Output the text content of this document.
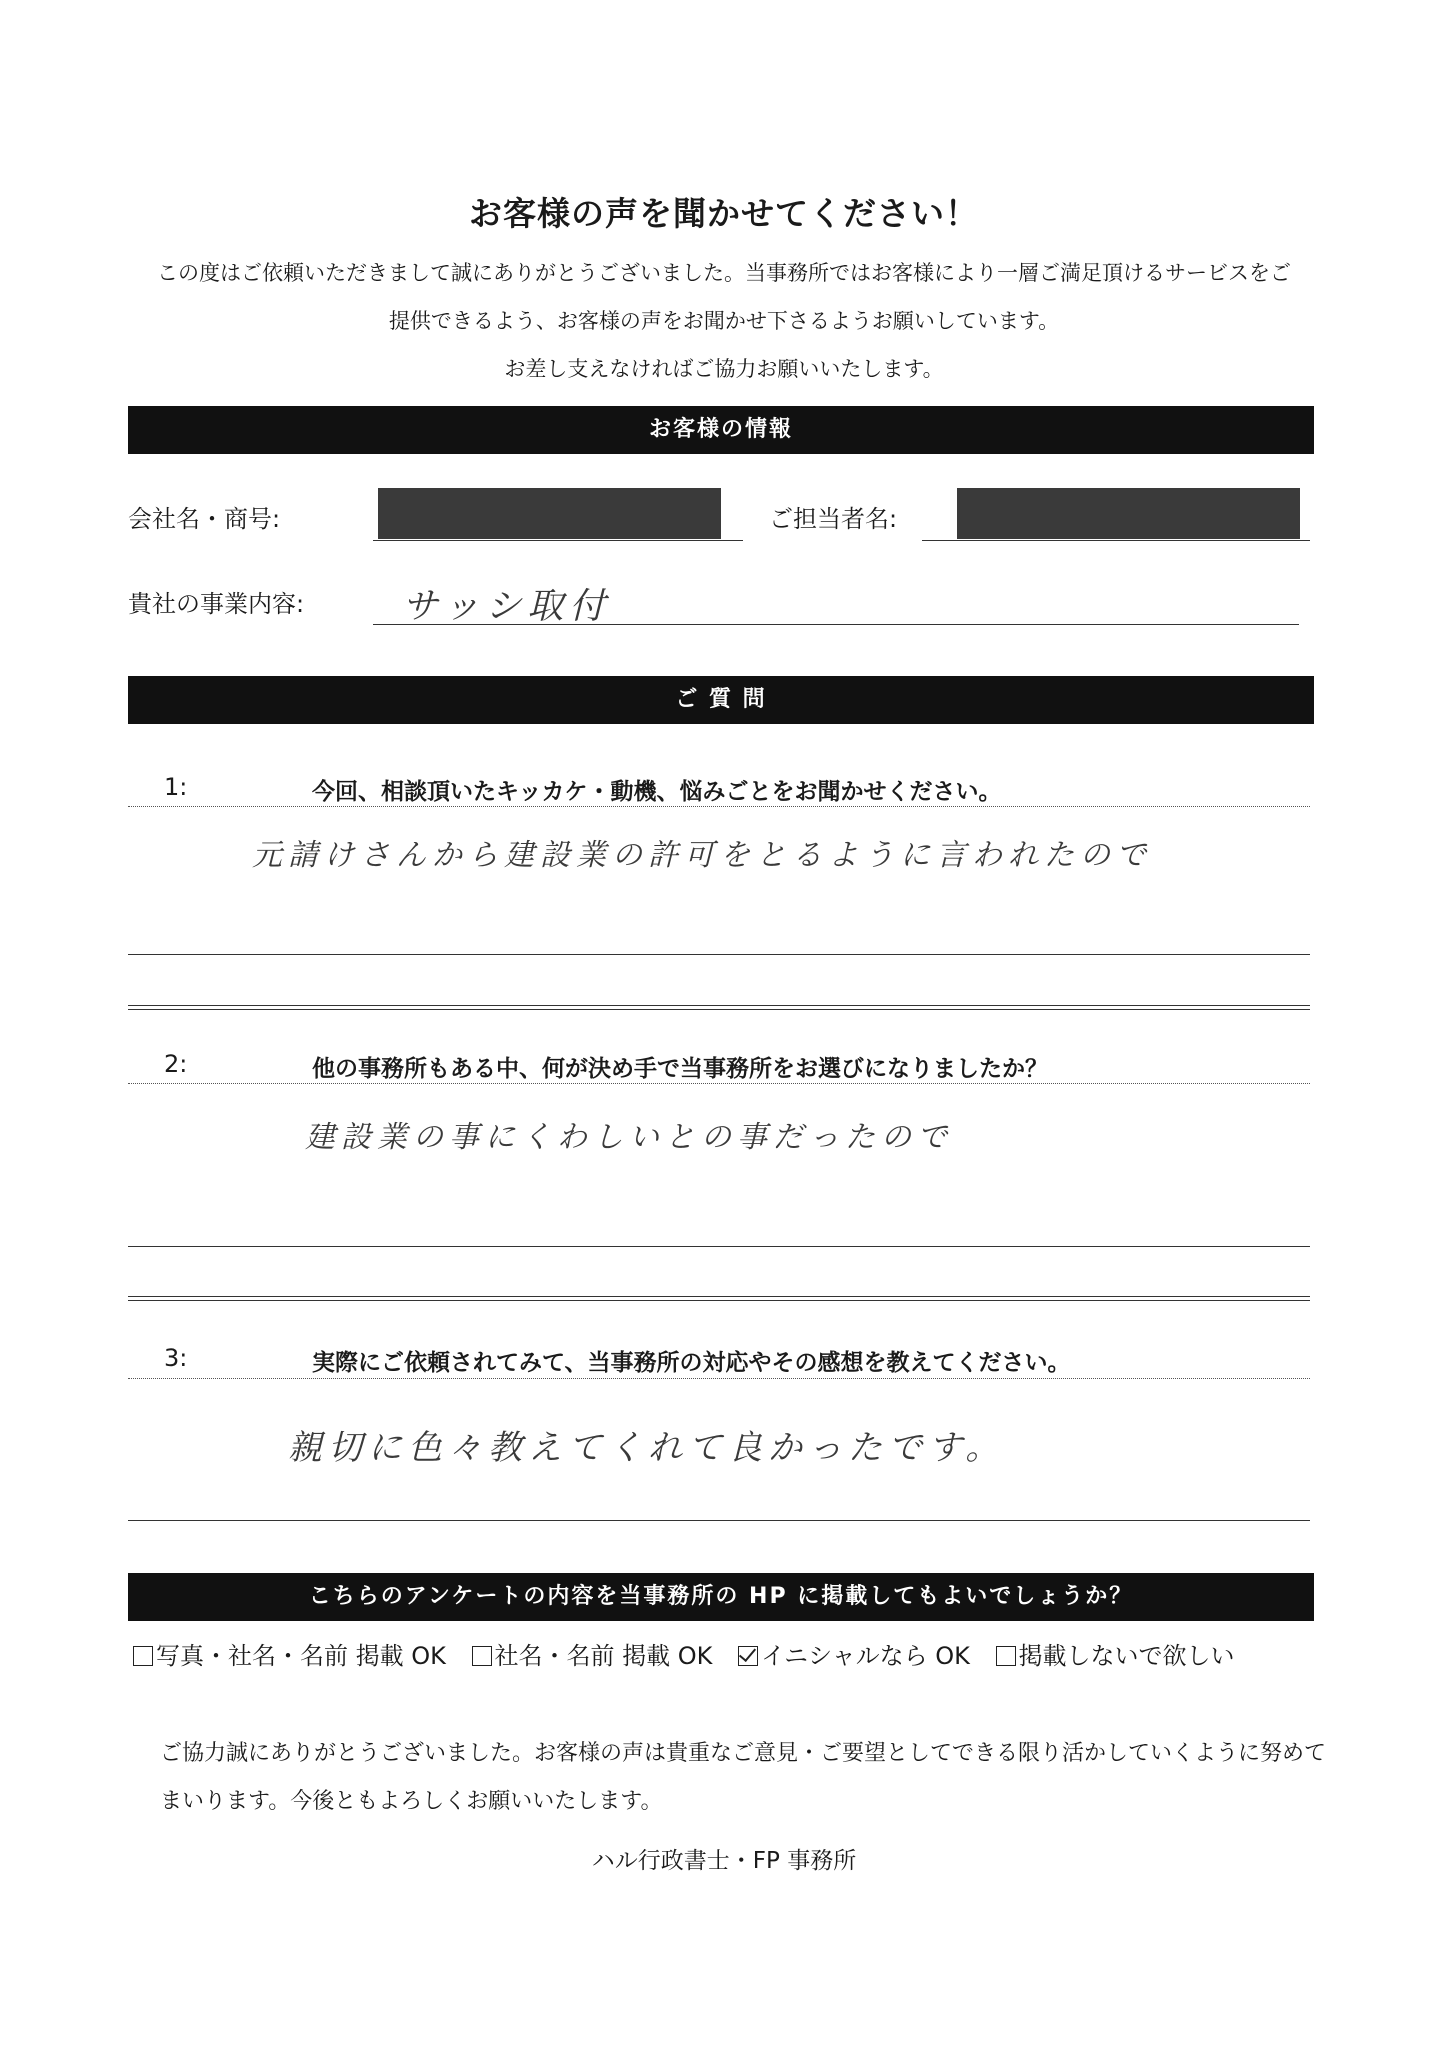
お客様の声を聞かせてください！
この度はご依頼いただきまして誠にありがとうございました。当事務所ではお客様により一層ご満足頂けるサービスをご
提供できるよう、お客様の声をお聞かせ下さるようお願いしています。
お差し支えなければご協力お願いいたします。
お客様の情報
会社名・商号:	ご担当者名:
貴社の事業内容:	サッシ取付
ご 質 問
1:	今回、相談頂いたキッカケ・動機、悩みごとをお聞かせください。
元請けさんから建設業の許可をとるように言われたので
2:	他の事務所もある中、何が決め手で当事務所をお選びになりましたか？
建設業の事にくわしいとの事だったので
3:	実際にご依頼されてみて、当事務所の対応やその感想を教えてください。
親切に色々教えてくれて良かったです。
こちらのアンケートの内容を当事務所の HP に掲載してもよいでしょうか？
写真・社名・名前 掲載 OK 社名・名前 掲載 OK イニシャルなら OK 掲載しないで欲しい
ご協力誠にありがとうございました。お客様の声は貴重なご意見・ご要望としてできる限り活かしていくように努めて
まいります。今後ともよろしくお願いいたします。
ハル行政書士・FP 事務所
